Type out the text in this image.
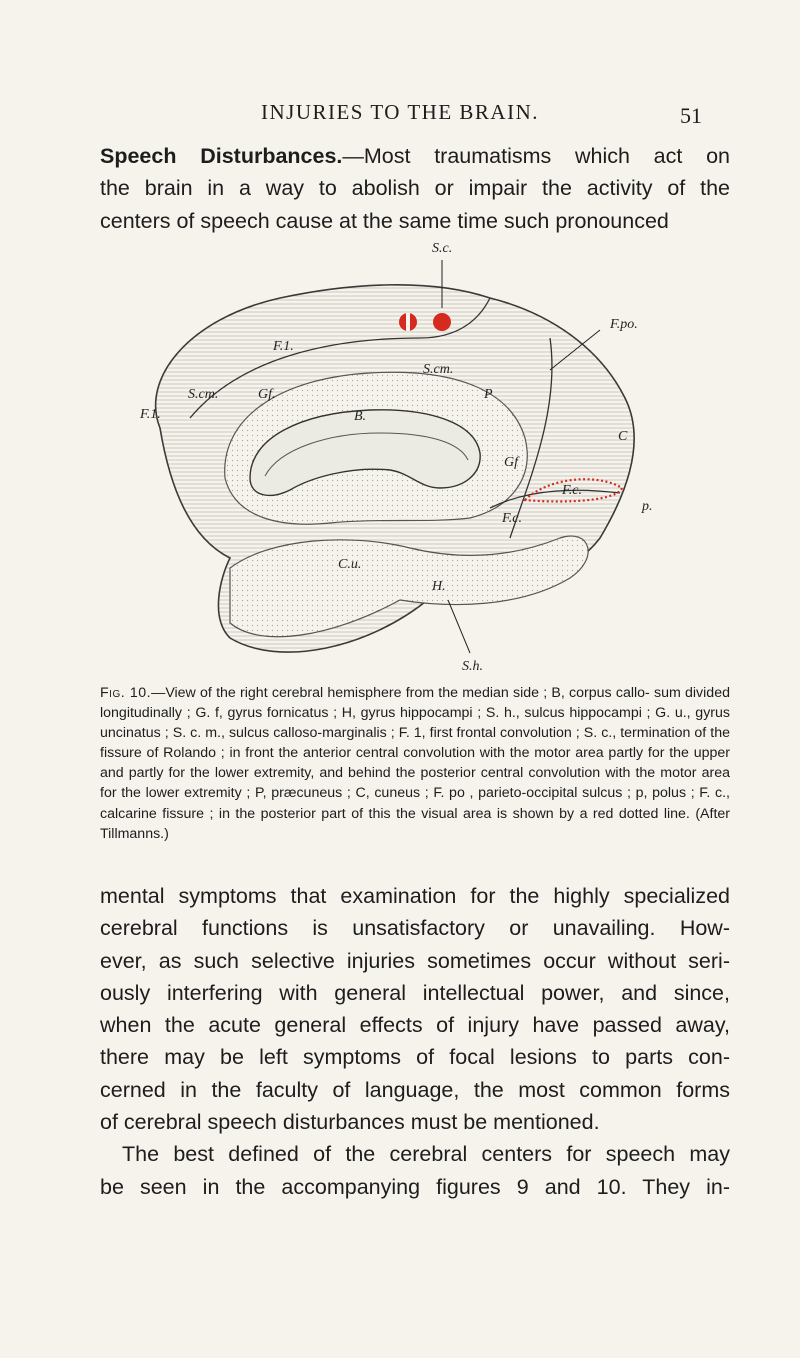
INJURIES TO THE BRAIN.	51

Speech Disturbances.—Most traumatisms which act on
the brain in a way to abolish or impair the activity of the
centers of speech cause at the same time such pronounced

S.c.
F.1.
S.cm.
F.po.
S.cm.	Gf.
F.1.	B.
P
C
Gf
F.c.
p.
F.c.
C.u.
H.
S.h.
Fig. 10.—View of the right cerebral hemisphere from the median side ; B, corpus callo- sum divided longitudinally ; G. f, gyrus fornicatus ; H, gyrus hippocampi ; S. h., sulcus hippocampi ; G. u., gyrus uncinatus ; S. c. m., sulcus calloso-marginalis ; F. 1, first frontal convolution ; S. c., termination of the fissure of Rolando ; in front the anterior central convolution with the motor area partly for the upper and partly for the lower extremity, and behind the posterior central convolution with the motor area for the lower extremity ; P, præcuneus ; C, cuneus ; F. po , parieto-occipital sulcus ; p, polus ; F. c., calcarine fissure ; in the posterior part of this the visual area is shown by a red dotted line. (After Tillmanns.)

mental symptoms that examination for the highly specialized
cerebral functions is unsatisfactory or unavailing. How-
ever, as such selective injuries sometimes occur without seri-
ously interfering with general intellectual power, and since,
when the acute general effects of injury have passed away,
there may be left symptoms of focal lesions to parts con-
cerned in the faculty of language, the most common forms
of cerebral speech disturbances must be mentioned.
The best defined of the cerebral centers for speech may
be seen in the accompanying figures 9 and 10. They in-
